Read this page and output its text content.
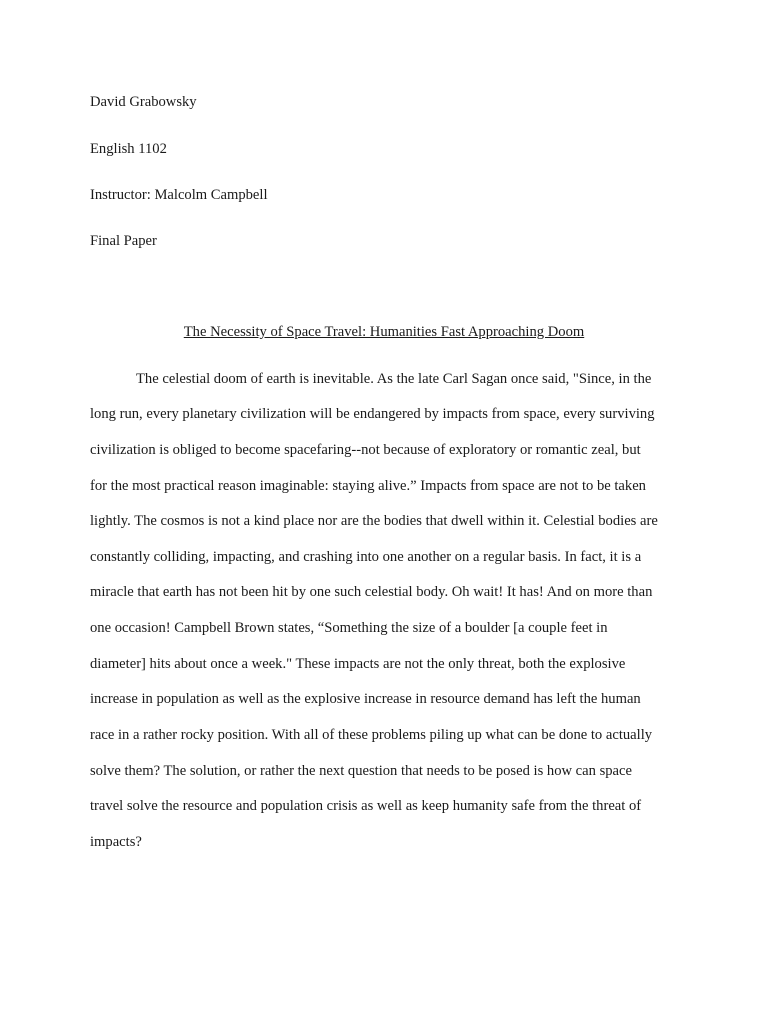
David Grabowsky
English 1102
Instructor: Malcolm Campbell
Final Paper
The Necessity of Space Travel: Humanities Fast Approaching Doom
The celestial doom of earth is inevitable. As the late Carl Sagan once said, "Since, in the
long run, every planetary civilization will be endangered by impacts from space, every surviving
civilization is obliged to become spacefaring--not because of exploratory or romantic zeal, but
for the most practical reason imaginable: staying alive.” Impacts from space are not to be taken
lightly. The cosmos is not a kind place nor are the bodies that dwell within it. Celestial bodies are
constantly colliding, impacting, and crashing into one another on a regular basis. In fact, it is a
miracle that earth has not been hit by one such celestial body. Oh wait! It has! And on more than
one occasion! Campbell Brown states, “Something the size of a boulder [a couple feet in
diameter] hits about once a week." These impacts are not the only threat, both the explosive
increase in population as well as the explosive increase in resource demand has left the human
race in a rather rocky position. With all of these problems piling up what can be done to actually
solve them? The solution, or rather the next question that needs to be posed is how can space
travel solve the resource and population crisis as well as keep humanity safe from the threat of
impacts?
